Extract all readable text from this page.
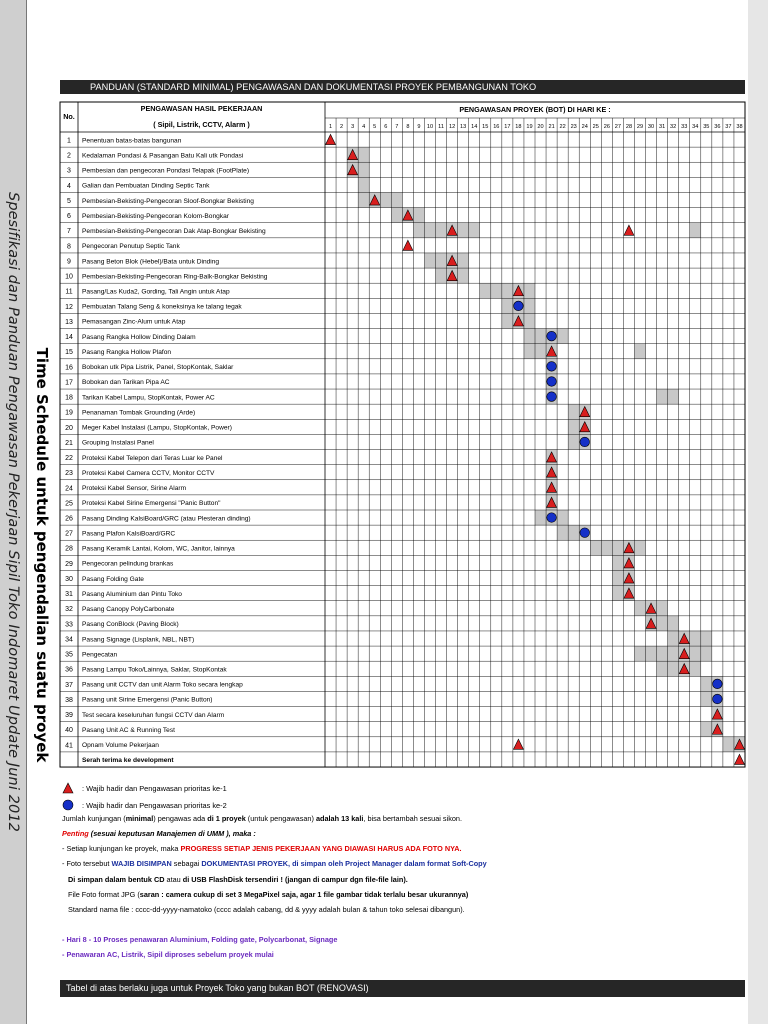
Spesifikasi dan Panduan Pengawasan Pekerjaan Sipil Toko Indomaret Update Juni 2012 Time Schedule untuk pengendalian suatu proyek
PANDUAN (STANDARD MINIMAL) PENGAWASAN DAN DOKUMENTASI PROYEK PEMBANGUNAN TOKO
No.
PENGAWASAN HASIL PEKERJAAN
( Sipil, Listrik, CCTV, Alarm )
PENGAWASAN PROYEK (BOT) DI HARI KE :
1 2 3 4 5 6 7 8 9 10 11 12 13 14 15 16 17 18 19 20 21 22 23 24 25 26 27 28 29 30 31 32 33 34 35 36 37 38
1 Penentuan batas-batas bangunan
2 Kedalaman Pondasi & Pasangan Batu Kali utk Pondasi
3 Pembesian dan pengecoran Pondasi Telapak (FootPlate)
4 Galian dan Pembuatan Dinding Septic Tank
5 Pembesian-Bekisting-Pengecoran Sloof-Bongkar Bekisting
6 Pembesian-Bekisting-Pengecoran Kolom-Bongkar
7 Pembesian-Bekisting-Pengecoran Dak Atap-Bongkar Bekisting
8 Pengecoran Penutup Septic Tank
9 Pasang Beton Blok (Hebel)/Bata untuk Dinding
10 Pembesian-Bekisting-Pengecoran Ring-Balk-Bongkar Bekisting
11 Pasang/Las Kuda2, Gording, Tali Angin untuk Atap
12 Pembuatan Talang Seng & koneksinya ke talang tegak
13 Pemasangan Zinc-Alum untuk Atap
14 Pasang Rangka Hollow Dinding Dalam
15 Pasang Rangka Hollow Plafon
16 Bobokan utk Pipa Listrik, Panel, StopKontak, Saklar
17 Bobokan dan Tarikan Pipa AC
18 Tarikan Kabel Lampu, StopKontak, Power AC
19 Penanaman Tombak Grounding (Arde)
20 Meger Kabel Instalasi (Lampu, StopKontak, Power)
21 Grouping Instalasi Panel
22 Proteksi Kabel Telepon dari Teras Luar ke Panel
23 Proteksi Kabel Camera CCTV, Monitor CCTV
24 Proteksi Kabel Sensor, Sirine Alarm
25 Proteksi Kabel Sirine Emergensi "Panic Button"
26 Pasang Dinding KalsiBoard/GRC (atau Plesteran dinding)
27 Pasang Plafon KalsiBoard/GRC
28 Pasang Keramik Lantai, Kolom, WC, Janitor, lainnya
29 Pengecoran pelindung brankas
30 Pasang Folding Gate
31 Pasang Aluminium dan Pintu Toko
32 Pasang Canopy PolyCarbonate
33 Pasang ConBlock (Paving Block)
34 Pasang Signage (Lisplank, NBL, NBT)
35 Pengecatan
36 Pasang Lampu Toko/Lainnya, Saklar, StopKontak
37 Pasang unit CCTV dan unit Alarm Toko secara lengkap
38 Pasang unit Sirine Emergensi (Panic Button)
39 Test secara keseluruhan fungsi CCTV dan Alarm
40 Pasang Unit AC & Running Test
41 Opnam Volume Pekerjaan
Serah terima ke development
: Wajib hadir dan Pengawasan prioritas ke-1
: Wajib hadir dan Pengawasan prioritas ke-2
Jumlah kunjungan (minimal) pengawas ada di 1 proyek (untuk pengawasan) adalah 13 kali, bisa bertambah sesuai sikon.
Penting (sesuai keputusan Manajemen di UMM ), maka :
- Setiap kunjungan ke proyek, maka PROGRESS SETIAP JENIS PEKERJAAN YANG DIAWASI HARUS ADA FOTO NYA.
- Foto tersebut WAJIB DISIMPAN sebagai DOKUMENTASI PROYEK, di simpan oleh Project Manager dalam format Soft-Copy
Di simpan dalam bentuk CD atau di USB FlashDisk tersendiri ! (jangan di campur dgn file-file lain).
File Foto format JPG (saran : camera cukup di set 3 MegaPixel saja, agar 1 file gambar tidak terlalu besar ukurannya)
Standard nama file : cccc-dd-yyyy-namatoko (cccc adalah cabang, dd & yyyy adalah bulan & tahun toko selesai dibangun).
- Hari 8 - 10 Proses penawaran Aluminium, Folding gate, Polycarbonat, Signage
- Penawaran AC, Listrik, Sipil diproses sebelum proyek mulai
Tabel di atas berlaku juga untuk Proyek Toko yang bukan BOT (RENOVASI)
